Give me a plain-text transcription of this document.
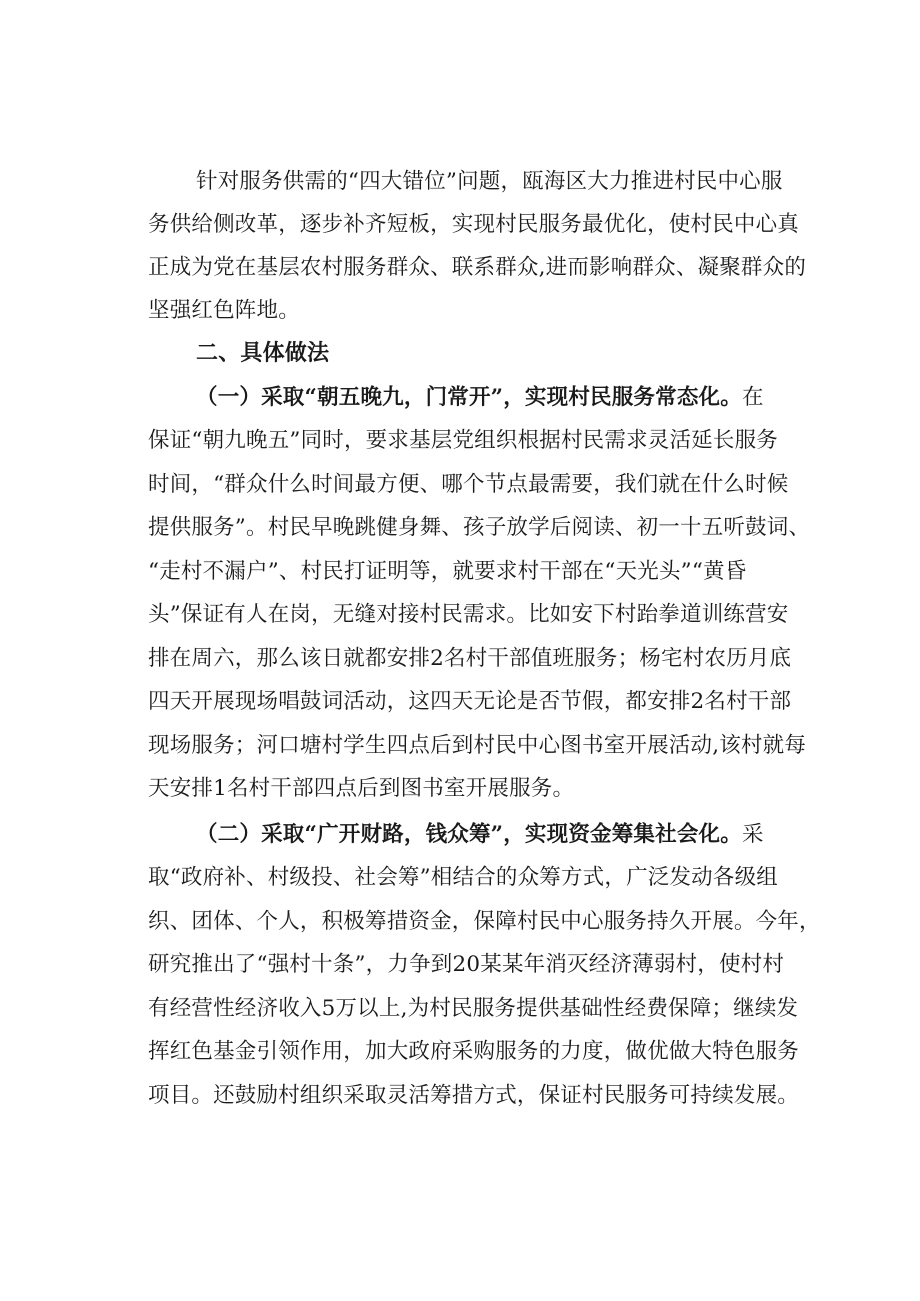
针对服务供需的“四大错位”问题，瓯海区大力推进村民中心服
务供给侧改革，逐步补齐短板，实现村民服务最优化，使村民中心真
正成为党在基层农村服务群众、联系群众,进而影响群众、凝聚群众的
坚强红色阵地。
二、具体做法
（一）采取“朝五晚九，门常开”，实现村民服务常态化。在
保证“朝九晚五”同时，要求基层党组织根据村民需求灵活延长服务
时间，“群众什么时间最方便、哪个节点最需要，我们就在什么时候
提供服务”。村民早晚跳健身舞、孩子放学后阅读、初一十五听鼓词、
“走村不漏户”、村民打证明等，就要求村干部在“天光头”“黄昏
头”保证有人在岗，无缝对接村民需求。比如安下村跆拳道训练营安
排在周六，那么该日就都安排2名村干部值班服务；杨宅村农历月底
四天开展现场唱鼓词活动，这四天无论是否节假，都安排2名村干部
现场服务；河口塘村学生四点后到村民中心图书室开展活动,该村就每
天安排1名村干部四点后到图书室开展服务。
（二）采取“广开财路，钱众筹”，实现资金筹集社会化。采
取“政府补、村级投、社会筹”相结合的众筹方式，广泛发动各级组
织、团体、个人，积极筹措资金，保障村民中心服务持久开展。今年，
研究推出了“强村十条”，力争到20某某年消灭经济薄弱村，使村村
有经营性经济收入5万以上,为村民服务提供基础性经费保障；继续发
挥红色基金引领作用，加大政府采购服务的力度，做优做大特色服务
项目。还鼓励村组织采取灵活筹措方式，保证村民服务可持续发展。
